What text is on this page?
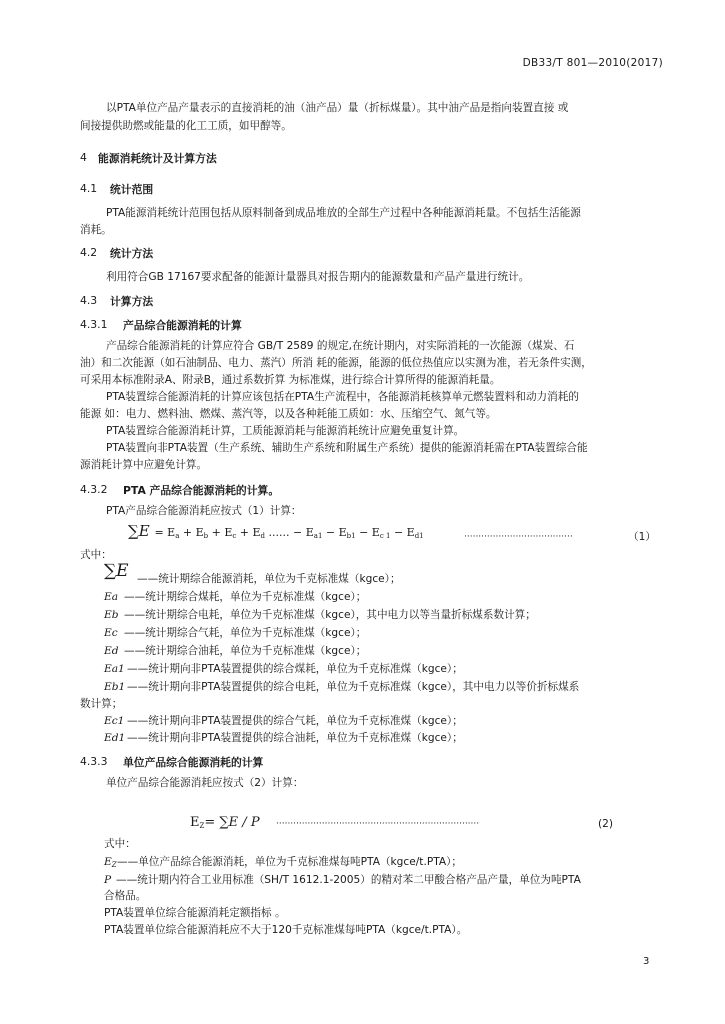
DB33/T 801—2010(2017)
以PTA单位产品产量表示的直接消耗的油（油产品）量（折标煤量）。其中油产品是指向装置直接 或
间接提供助燃或能量的化工工质，如甲醇等。
4 能源消耗统计及计算方法
4.1 统计范围
PTA能源消耗统计范围包括从原料制备到成品堆放的全部生产过程中各种能源消耗量。不包括生活能源
消耗。
4.2 统计方法
利用符合GB 17167要求配备的能源计量器具对报告期内的能源数量和产品产量进行统计。
4.3 计算方法
4.3.1 产品综合能源消耗的计算
产品综合能源消耗的计算应符合 GB/T 2589 的规定,在统计期内，对实际消耗的一次能源（煤炭、石
油）和二次能源（如石油制品、电力、蒸汽）所消 耗的能源，能源的低位热值应以实测为准，若无条件实测，
可采用本标准附录A、附录B，通过系数折算 为标准煤，进行综合计算所得的能源消耗量。
PTA装置综合能源消耗的计算应该包括在PTA生产流程中，各能源消耗核算单元燃装置料和动力消耗的
能源 如：电力、燃料油、燃煤、蒸汽等，以及各种耗能工质如：水、压缩空气、氮气等。
PTA装置综合能源消耗计算，工质能源消耗与能源消耗统计应避免重复计算。
PTA装置向非PTA装置（生产系统、辅助生产系统和附属生产系统）提供的能源消耗需在PTA装置综合能
源消耗计算中应避免计算。
4.3.2 PTA 产品综合能源消耗的计算。
PTA产品综合能源消耗应按式（1）计算：
$\sum E = E_a + E_b + E_c + E_d$ ...... − $E_{a1} - E_{b1} - E_{c 1} - E_{d1}$	······································	（1）
式中：
∑E ——统计期综合能源消耗，单位为千克标准煤（kgce）；
Ea ——统计期综合煤耗，单位为千克标准煤（kgce）；
Eb ——统计期综合电耗，单位为千克标准煤（kgce），其中电力以等当量折标煤系数计算；
Ec ——统计期综合气耗，单位为千克标准煤（kgce）；
Ed ——统计期综合油耗，单位为千克标准煤（kgce）；
Ea1 ——统计期向非PTA装置提供的综合煤耗，单位为千克标准煤（kgce）；
Eb1 ——统计期向非PTA装置提供的综合电耗，单位为千克标准煤（kgce），其中电力以等价折标煤系
数计算；
Ec1 ——统计期向非PTA装置提供的综合气耗，单位为千克标准煤（kgce）；
Ed1 ——统计期向非PTA装置提供的综合油耗，单位为千克标准煤（kgce）；
4.3.3 单位产品综合能源消耗的计算
单位产品综合能源消耗应按式（2）计算：
$E_Z= \sum E / P$ ·······································································	(2)
式中：
$E_Z$ ——单位产品综合能源消耗，单位为千克标准煤每吨PTA（kgce/t.PTA）；
P ——统计期内符合工业用标准（SH/T 1612.1-2005）的精对苯二甲酸合格产品产量，单位为吨PTA
合格品。
PTA装置单位综合能源消耗定额指标 。
PTA装置单位综合能源消耗应不大于120千克标准煤每吨PTA（kgce/t.PTA）。
3
